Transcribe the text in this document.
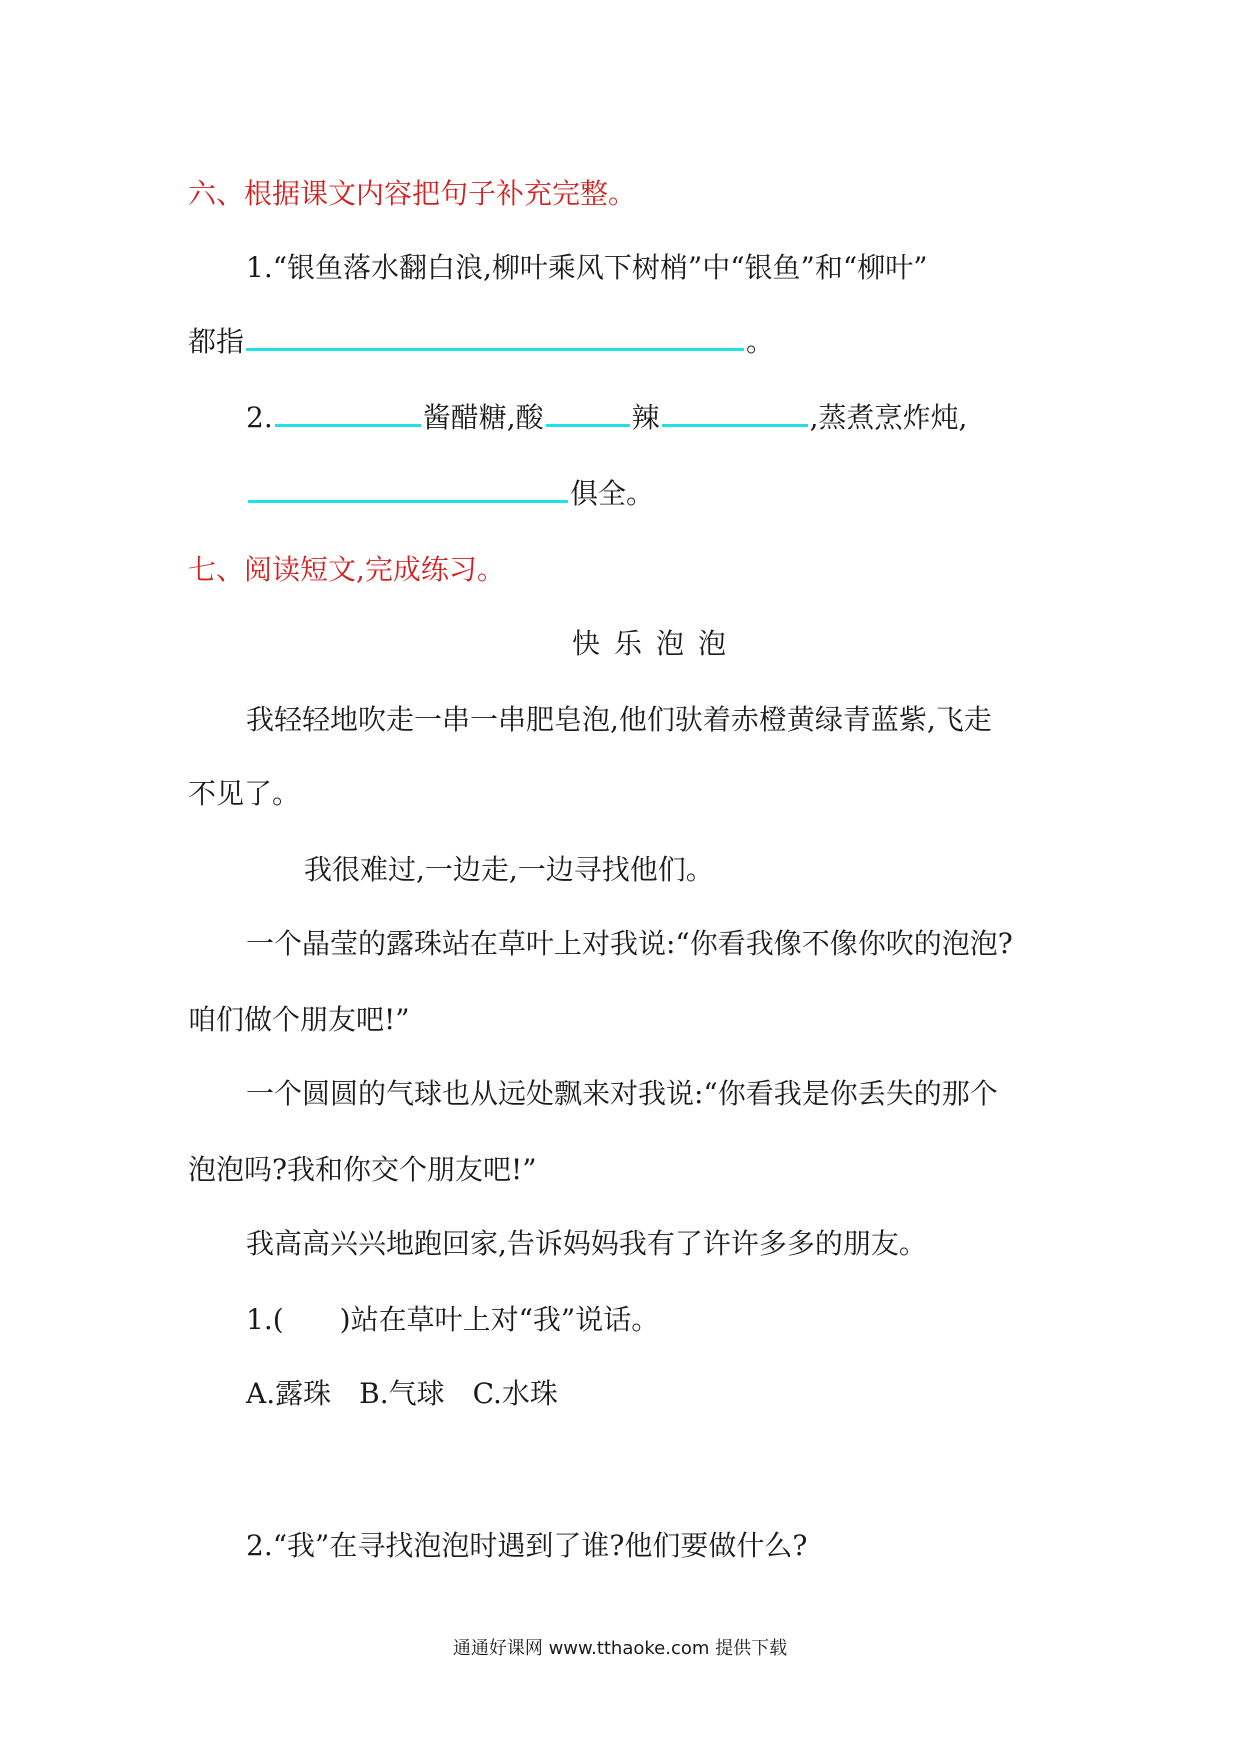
六、根据课文内容把句子补充完整。
1.“银鱼落水翻白浪,柳叶乘风下树梢”中“银鱼”和“柳叶”
都指	。
2.	酱醋糖,酸	辣	,蒸煮烹炸炖,
俱全。
七、阅读短文,完成练习。
快乐泡泡
我轻轻地吹走一串一串肥皂泡,他们驮着赤橙黄绿青蓝紫,飞走
不见了。
我很难过,一边走,一边寻找他们。
一个晶莹的露珠站在草叶上对我说:“你看我像不像你吹的泡泡?
咱们做个朋友吧!”
一个圆圆的气球也从远处飘来对我说:“你看我是你丢失的那个
泡泡吗?我和你交个朋友吧!”
我高高兴兴地跑回家,告诉妈妈我有了许许多多的朋友。
1.(　　)站在草叶上对“我”说话。
A.露珠　B.气球　C.水珠
2.“我”在寻找泡泡时遇到了谁?他们要做什么?
通通好课网 www.tthaoke.com 提供下载
